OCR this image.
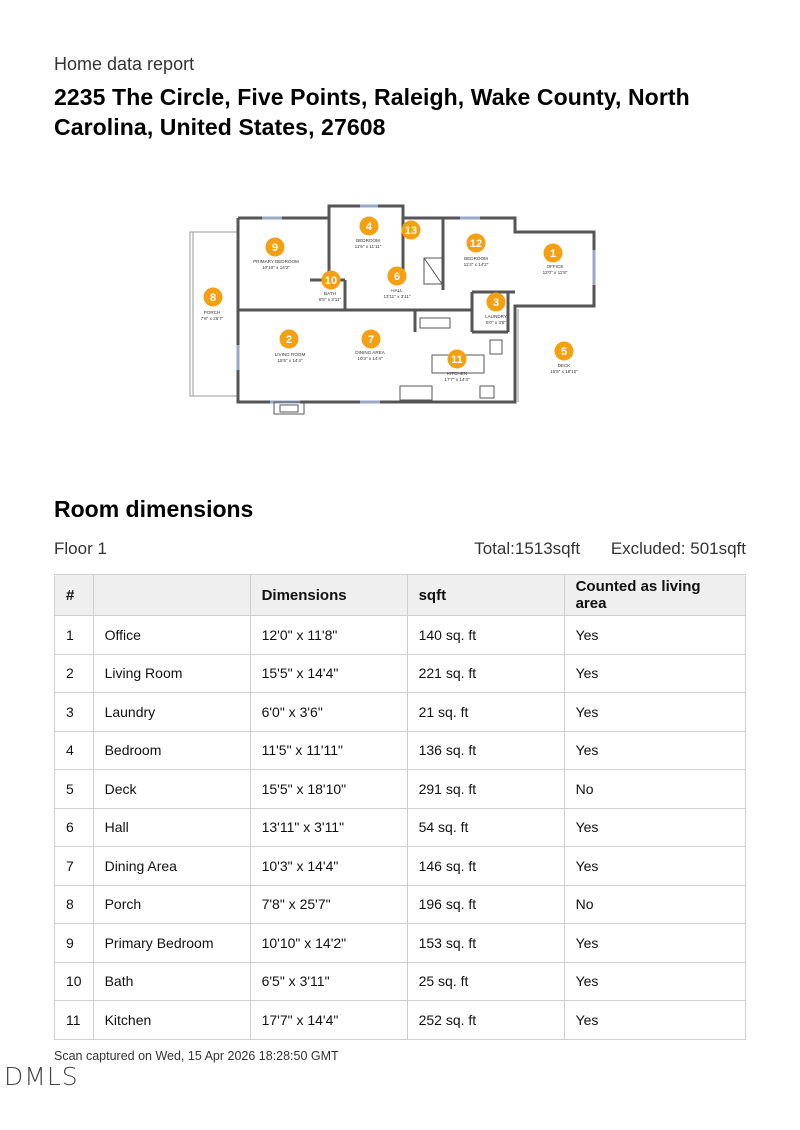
Home data report
2235 The Circle, Five Points, Raleigh, Wake County, North Carolina, United States, 27608
OFFICE
12'0" x 11'8"
LIVING ROOM
15'5" x 14'4"
LAUNDRY
6'0" x 3'6"
BEDROOM
11'5" x 11'11"
DECK
15'5" x 18'10"
HALL
13'11" x 3'11"
DINING AREA
10'3" x 14'4"
PORCH
7'8" x 25'7"
PRIMARY BEDROOM
10'10" x 14'2"
BATH
6'5" x 3'11"
KITCHEN
17'7" x 14'4"
BEDROOM
11'2" x 14'2"
1
2
3
4
5
6
7
8
9
10
11
12
13
Room dimensions
Floor 1	Total:1513sqft Excluded: 501sqft
#		Dimensions	sqft	Counted as living area
1	Office	12'0" x 11'8"	140 sq. ft	Yes
2	Living Room	15'5" x 14'4"	221 sq. ft	Yes
3	Laundry	6'0" x 3'6"	21 sq. ft	Yes
4	Bedroom	11'5" x 11'11"	136 sq. ft	Yes
5	Deck	15'5" x 18'10"	291 sq. ft	No
6	Hall	13'11" x 3'11"	54 sq. ft	Yes
7	Dining Area	10'3" x 14'4"	146 sq. ft	Yes
8	Porch	7'8" x 25'7"	196 sq. ft	No
9	Primary Bedroom	10'10" x 14'2"	153 sq. ft	Yes
10	Bath	6'5" x 3'11"	25 sq. ft	Yes
11	Kitchen	17'7" x 14'4"	252 sq. ft	Yes
Scan captured on Wed, 15 Apr 2026 18:28:50 GMT
DMLS
